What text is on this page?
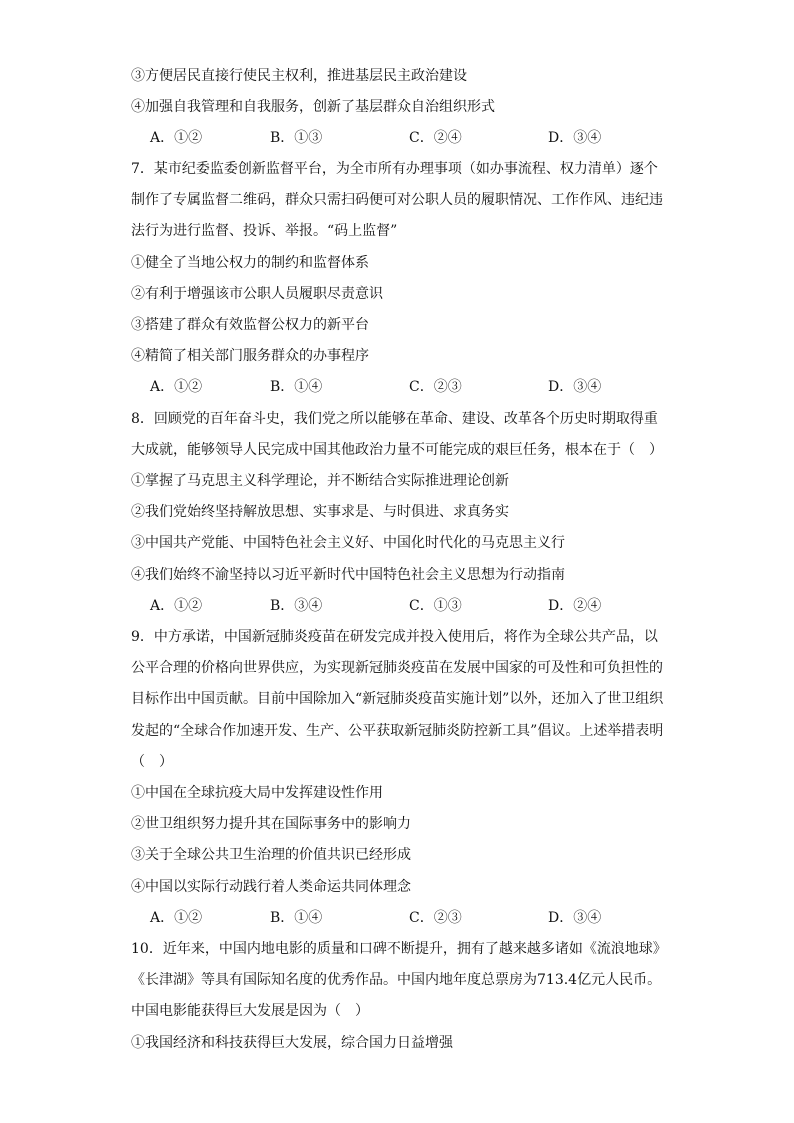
③方便居民直接行使民主权利，推进基层民主政治建设
④加强自我管理和自我服务，创新了基层群众自治组织形式
A．①②	B．①③	C．②④	D．③④
7．某市纪委监委创新监督平台，为全市所有办理事项（如办事流程、权力清单）逐个
制作了专属监督二维码，群众只需扫码便可对公职人员的履职情况、工作作风、违纪违
法行为进行监督、投诉、举报。“码上监督”
①健全了当地公权力的制约和监督体系
②有利于增强该市公职人员履职尽责意识
③搭建了群众有效监督公权力的新平台
④精简了相关部门服务群众的办事程序
A．①②	B．①④	C．②③	D．③④
8．回顾党的百年奋斗史，我们党之所以能够在革命、建设、改革各个历史时期取得重
大成就，能够领导人民完成中国其他政治力量不可能完成的艰巨任务，根本在于（　）
①掌握了马克思主义科学理论，并不断结合实际推进理论创新
②我们党始终坚持解放思想、实事求是、与时俱进、求真务实
③中国共产党能、中国特色社会主义好、中国化时代化的马克思主义行
④我们始终不渝坚持以习近平新时代中国特色社会主义思想为行动指南
A．①②	B．③④	C．①③	D．②④
9．中方承诺，中国新冠肺炎疫苗在研发完成并投入使用后，将作为全球公共产品，以
公平合理的价格向世界供应，为实现新冠肺炎疫苗在发展中国家的可及性和可负担性的
目标作出中国贡献。目前中国除加入“新冠肺炎疫苗实施计划”以外，还加入了世卫组织
发起的“全球合作加速开发、生产、公平获取新冠肺炎防控新工具”倡议。上述举措表明
（　）
①中国在全球抗疫大局中发挥建设性作用
②世卫组织努力提升其在国际事务中的影响力
③关于全球公共卫生治理的价值共识已经形成
④中国以实际行动践行着人类命运共同体理念
A．①②	B．①④	C．②③	D．③④
10．近年来，中国内地电影的质量和口碑不断提升，拥有了越来越多诸如《流浪地球》
《长津湖》等具有国际知名度的优秀作品。中国内地年度总票房为713.4亿元人民币。
中国电影能获得巨大发展是因为（　）
①我国经济和科技获得巨大发展，综合国力日益增强
